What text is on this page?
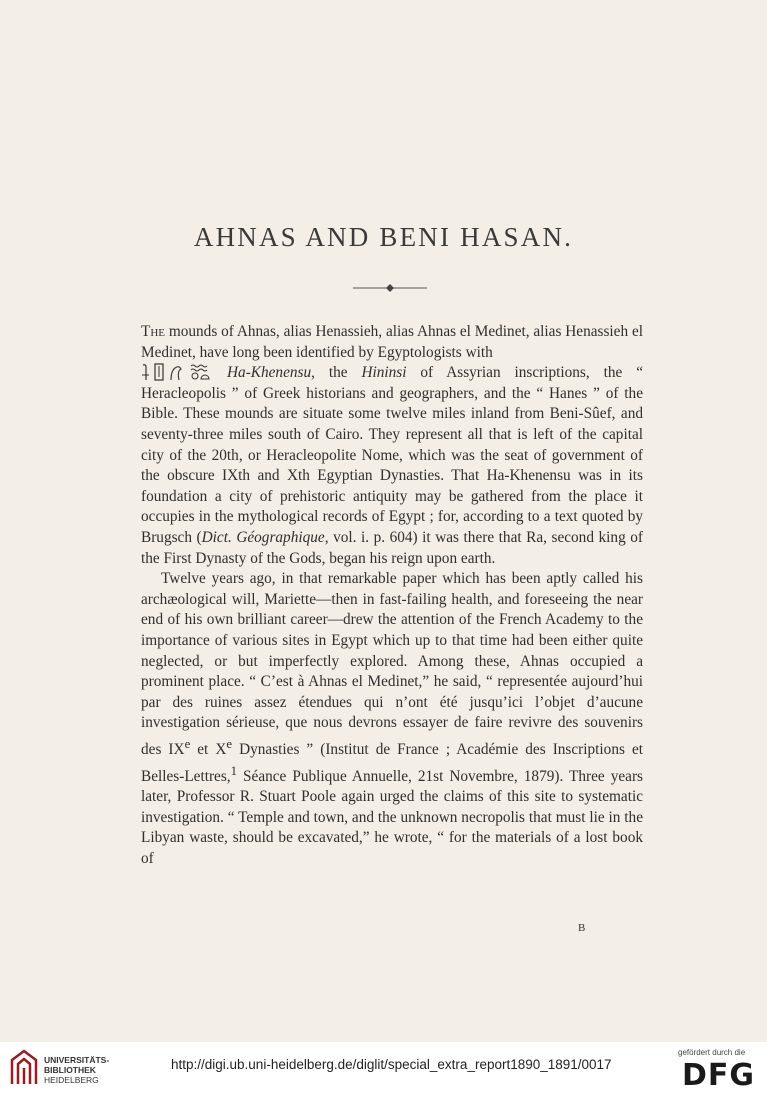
AHNAS AND BENI HASAN.

The mounds of Ahnas, alias Henassieh, alias Ahnas el Medinet, alias Henassieh el Medinet, have long been identified by Egyptologists with
Ha-Khenensu, the Hininsi of Assyrian inscriptions, the “ Heracleopolis ” of Greek historians and geographers, and the “ Hanes ” of the Bible. These mounds are situate some twelve miles inland from Beni-Sûef, and seventy-three miles south of Cairo. They represent all that is left of the capital city of the 20th, or Heracleopolite Nome, which was the seat of government of the obscure IXth and Xth Egyptian Dynasties. That Ha-Khenensu was in its foundation a city of prehistoric antiquity may be gathered from the place it occupies in the mythological records of Egypt ; for, according to a text quoted by Brugsch (Dict. Géographique, vol. i. p. 604) it was there that Ra, second king of the First Dynasty of the Gods, began his reign upon earth.

Twelve years ago, in that remarkable paper which has been aptly called his archæological will, Mariette—then in fast-failing health, and foreseeing the near end of his own brilliant career—drew the attention of the French Academy to the importance of various sites in Egypt which up to that time had been either quite neglected, or but imperfectly explored. Among these, Ahnas occupied a prominent place. “ C’est à Ahnas el Medinet,” he said, “ representée aujourd’hui par des ruines assez étendues qui n’ont été jusqu’ici l’objet d’aucune investigation sérieuse, que nous devrons essayer de faire revivre des souvenirs des IXe et Xe Dynasties ” (Institut de France ; Académie des Inscriptions et Belles-Lettres,$^1$ Séance Publique Annuelle, 21st Novembre, 1879). Three years later, Professor R. Stuart Poole again urged the claims of this site to systematic investigation. “ Temple and town, and the unknown necropolis that must lie in the Libyan waste, should be excavated,” he wrote, “ for the materials of a lost book of

B
UNIVERSITÄTS-
BIBLIOTHEK
HEIDELBERG
http://digi.ub.uni-heidelberg.de/diglit/special_extra_report1890_1891/0017
gefördert durch die
DFG
